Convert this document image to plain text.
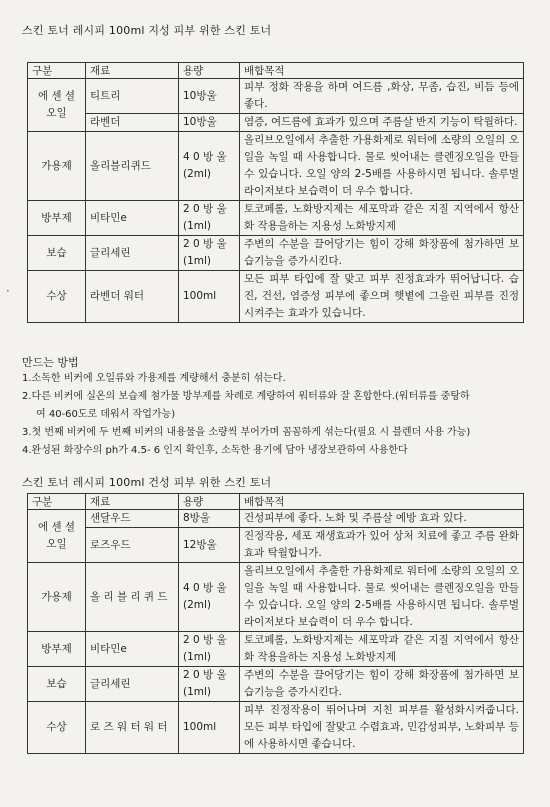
스킨 토너 레시피 100ml 지성 피부 위한 스킨 토너
구분	재료	용량	배합목적
에 센 셜 오일	티트리	10방울	피부 정화 작용을 하며 여드름 ,화상, 무좀, 습진, 비듬 등에 좋다.
	라벤더	10방울	염증, 여드름에 효과가 있으며 주름살 반지 기능이 탁월하다.
가용제	올리블리퀴드	4 0 방 울 (2ml)	올리브오일에서 추출한 가용화제로 워터에 소량의 오일의 오일을 녹일 때 사용합니다. 물로 씻어내는 클렌징오일을 만들 수 있습니다. 오일 양의 2-5배를 사용하시면 됩니다. 솔루벌라이저보다 보습력이 더 우수 합니다.
방부제	비타민e	2 0 방 울 (1ml)	토코페롤, 노화방지제는 세포막과 같은 지질 지역에서 항산화 작용을하는 지용성 노화방지제
보습	글리세린	2 0 방 울 (1ml)	주변의 수분을 끌어당기는 힘이 강해 화장품에 첨가하면 보습기능을 증가시킨다.
수상	라벤더 워터	100ml	모든 피부 타입에 잘 맞고 피부 진정효과가 뛰어납니다. 습진, 건선, 염증성 피부에 좋으며 햇볕에 그을린 피부를 진정시켜주는 효과가 있습니다.
·
만드는 방법
1.소독한 비커에 오일류와 가용제를 계량해서 충분히 섞는다.
2.다른 비커에 실온의 보습제 첨가물 방부제를 차례로 계량하여 워터류와 잘 혼합한다.(워터류를 중탕하
여 40-60도로 데워서 작업가능)
3.첫 번째 비커에 두 번째 비커의 내용물을 소량씩 부어가며 꼼꼼하게 섞는다(필요 시 블렌더 사용 가능)
4.완성된 화장수의 ph가 4.5- 6 인지 확인후, 소독한 용기에 담아 냉장보관하여 사용한다
스킨 토너 레시피 100ml 건성 피부 위한 스킨 토너
구분	재료	용량	배합목적
에 센 셜 오일	샌달우드	8방울	건성피부에 좋다. 노화 및 주름살 예방 효과 있다.
	로즈우드	12방울	진정작용, 세포 재생효과가 있어 상처 치료에 좋고 주름 완화효과 탁월합니가.
가용제	올 리 블 리 퀴 드	4 0 방 울 (2ml)	올리브오일에서 추출한 가용화제로 워터에 소량의 오일의 오일을 녹일 때 사용합니다. 물로 씻어내는 클렌징오일을 만들 수 있습니다. 오일 양의 2-5배를 사용하시면 됩니다. 솔루벌라이저보다 보습력이 더 우수 합니다.
방부제	비타민e	2 0 방 울 (1ml)	토코페롤, 노화방지제는 세포막과 같은 지질 지역에서 항산화 작용을하는 지용성 노화방지제
보습	글리세린	2 0 방 울 (1ml)	주변의 수분을 끌어당기는 힘이 강해 화장품에 첨가하면 보습기능을 증가시킨다.
수상	로 즈 워 터 워 터	100ml	피부 진정작용이 뛰어나며 지친 피부를 활성화시켜줍니다. 모든 피부 타입에 잘맞고 수렴효과, 민감성피부, 노화피부 등에 사용하시면 좋습니다.
